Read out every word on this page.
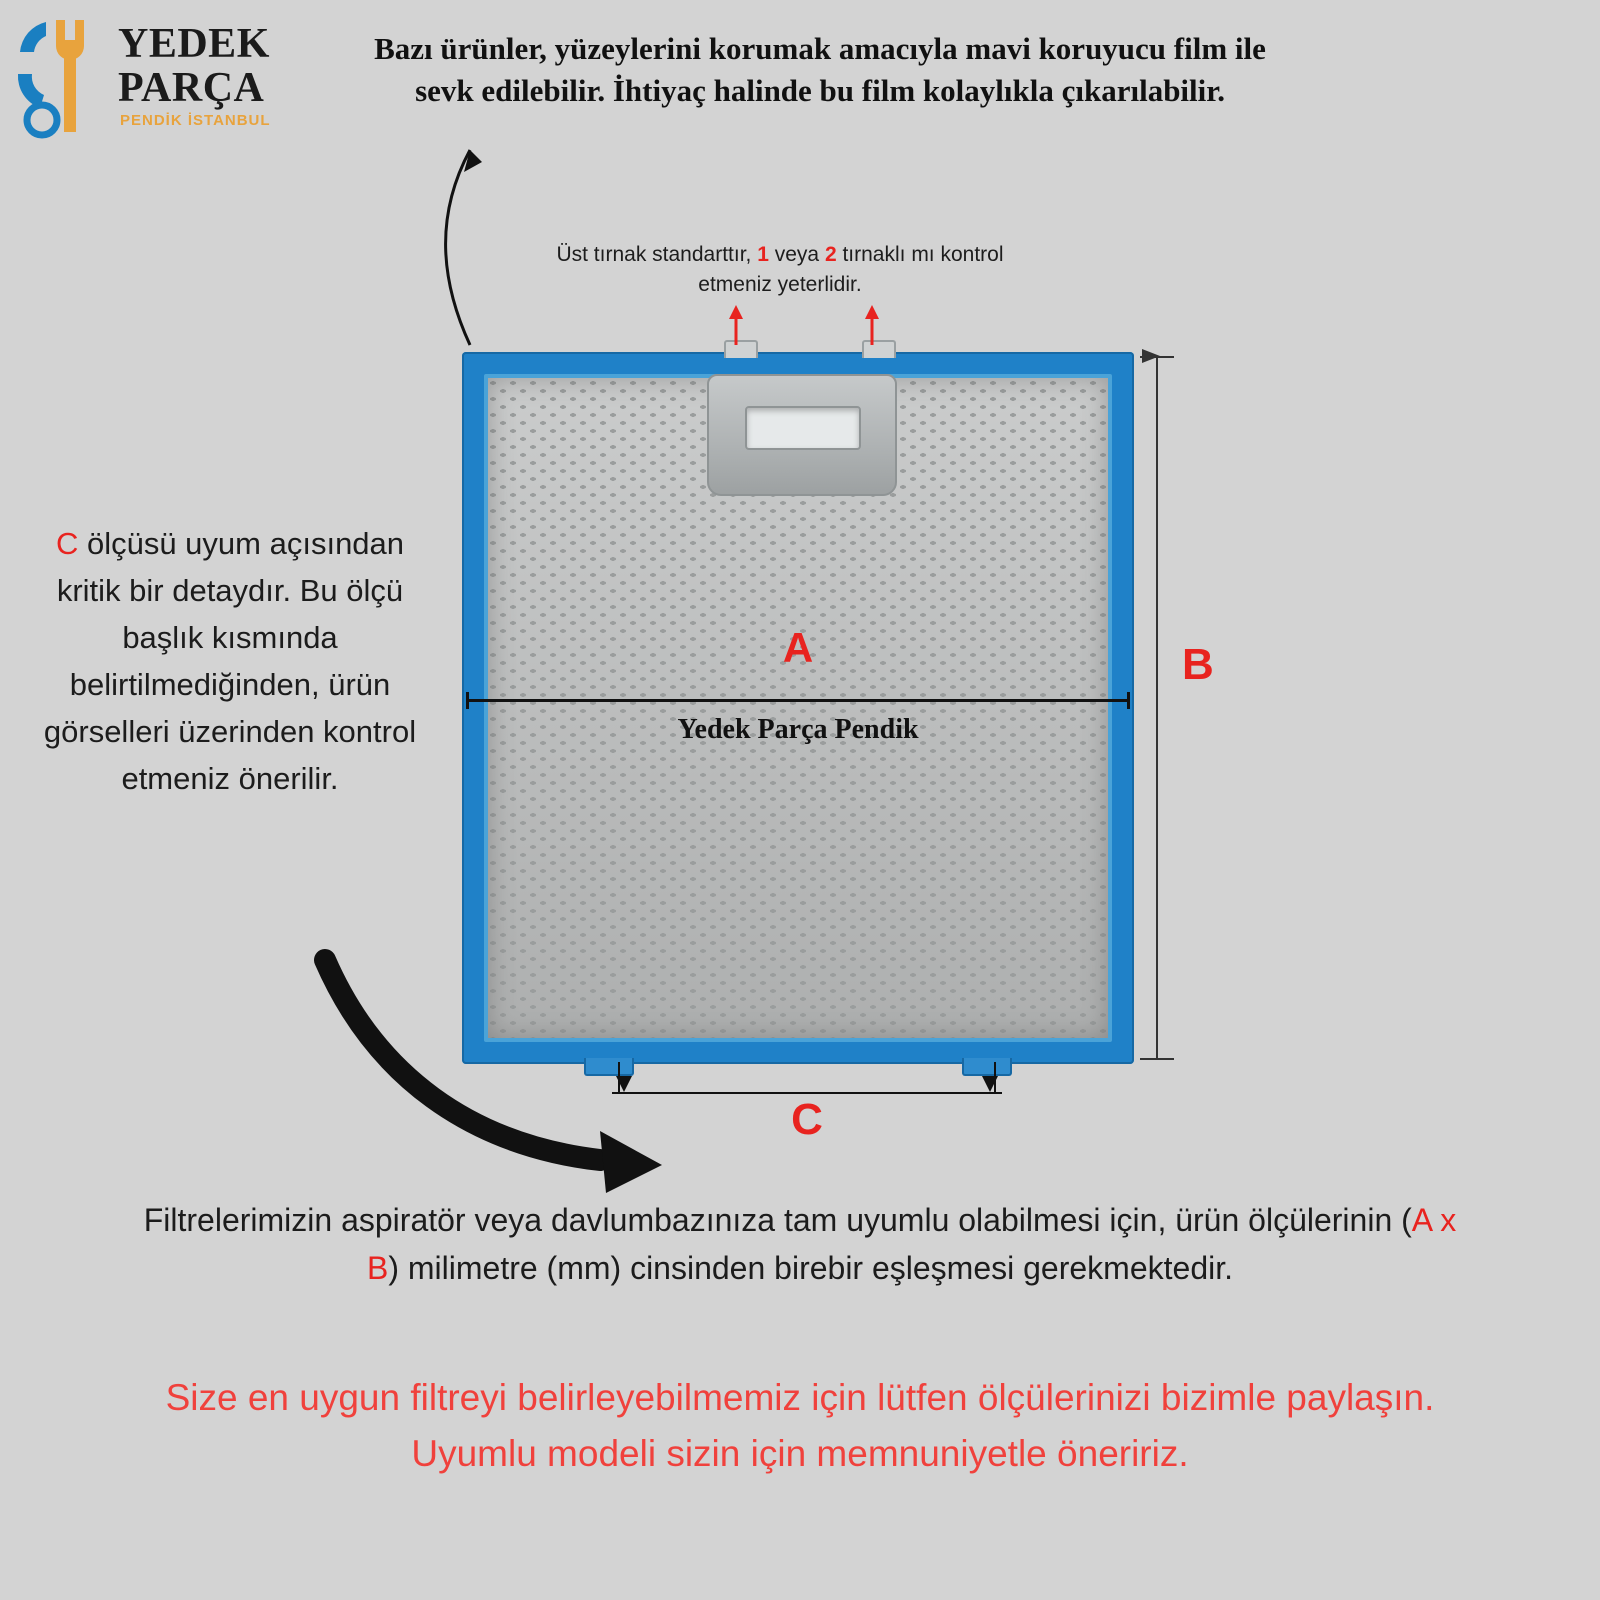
YEDEK
PARÇA
PENDİK İSTANBUL
Bazı ürünler, yüzeylerini korumak amacıyla mavi koruyucu film ile sevk edilebilir. İhtiyaç halinde bu film kolaylıkla çıkarılabilir.
Üst tırnak standarttır, 1 veya 2 tırnaklı mı kontrol etmeniz yeterlidir.
C ölçüsü uyum açısından kritik bir detaydır. Bu ölçü başlık kısmında belirtilmediğinden, ürün görselleri üzerinden kontrol etmeniz önerilir.
A
Yedek Parça Pendik
B
C
Filtrelerimizin aspiratör veya davlumbazınıza tam uyumlu olabilmesi için, ürün ölçülerinin (A x B) milimetre (mm) cinsinden birebir eşleşmesi gerekmektedir.
Size en uygun filtreyi belirleyebilmemiz için lütfen ölçülerinizi bizimle paylaşın. Uyumlu modeli sizin için memnuniyetle öneririz.
